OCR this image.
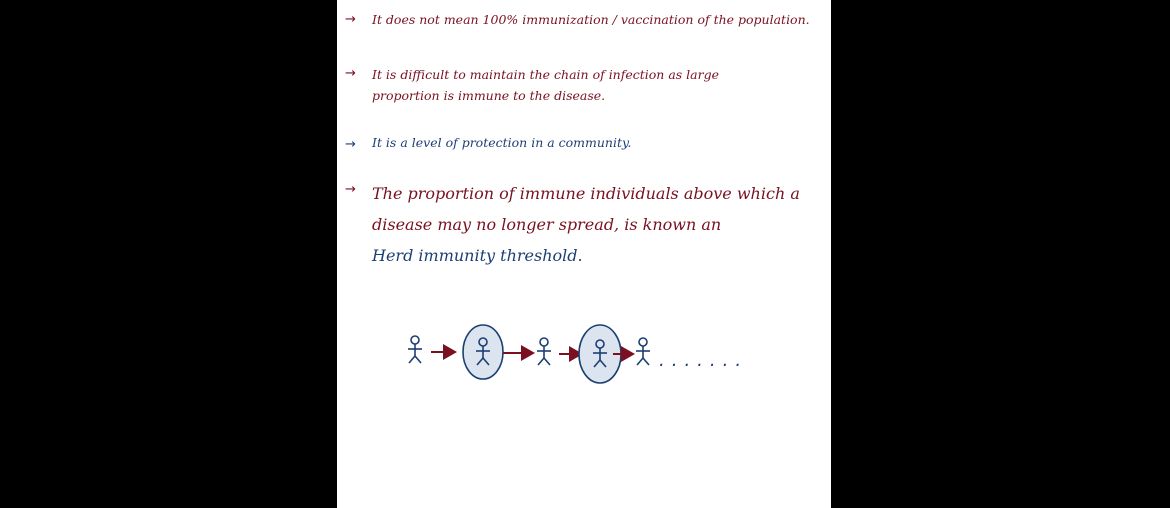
→ It does not mean 100% immunization / vaccination of the population.
→ It is difficult to maintain the chain of infection as large
proportion is immune to the disease.
→ It is a level of protection in a community.
→ The proportion of immune individuals above which a
disease may no longer spread, is known an
Herd immunity threshold.
.......
